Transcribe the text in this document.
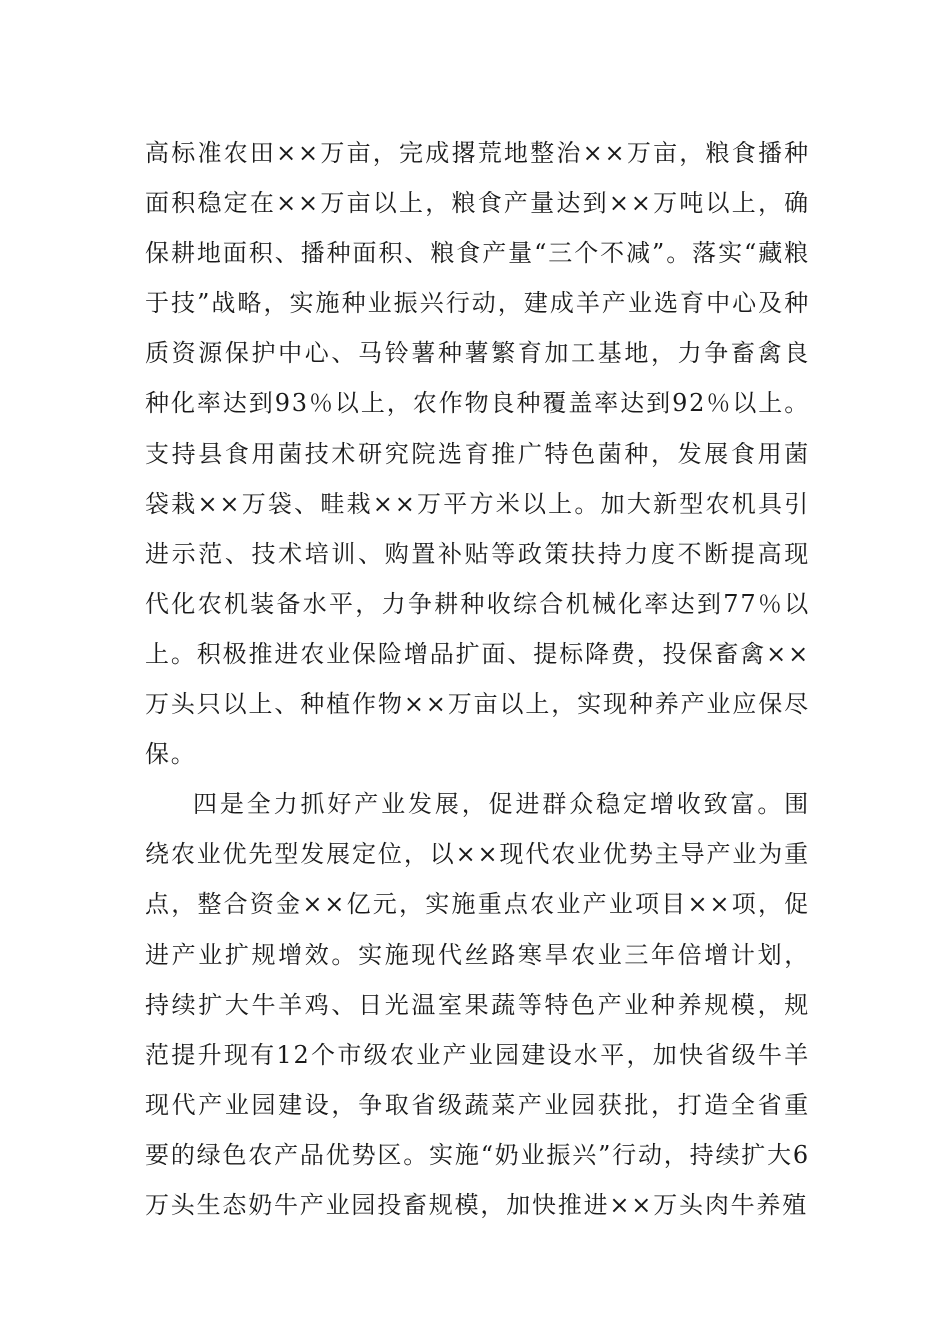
高标准农田××万亩，完成撂荒地整治××万亩，粮食播种面积稳定在××万亩以上，粮食产量达到××万吨以上，确保耕地面积、播种面积、粮食产量“三个不减”。落实“藏粮于技”战略，实施种业振兴行动，建成羊产业选育中心及种质资源保护中心、马铃薯种薯繁育加工基地，力争畜禽良种化率达到93％以上，农作物良种覆盖率达到92％以上。支持县食用菌技术研究院选育推广特色菌种，发展食用菌袋栽××万袋、畦栽××万平方米以上。加大新型农机具引进示范、技术培训、购置补贴等政策扶持力度不断提高现代化农机装备水平，力争耕种收综合机械化率达到77％以上。积极推进农业保险增品扩面、提标降费，投保畜禽××万头只以上、种植作物××万亩以上，实现种养产业应保尽保。

四是全力抓好产业发展，促进群众稳定增收致富。围绕农业优先型发展定位，以××现代农业优势主导产业为重点，整合资金××亿元，实施重点农业产业项目××项，促进产业扩规增效。实施现代丝路寒旱农业三年倍增计划，持续扩大牛羊鸡、日光温室果蔬等特色产业种养规模，规范提升现有12个市级农业产业园建设水平，加快省级牛羊现代产业园建设，争取省级蔬菜产业园获批，打造全省重要的绿色农产品优势区。实施“奶业振兴”行动，持续扩大6万头生态奶牛产业园投畜规模，加快推进××万头肉牛养殖
